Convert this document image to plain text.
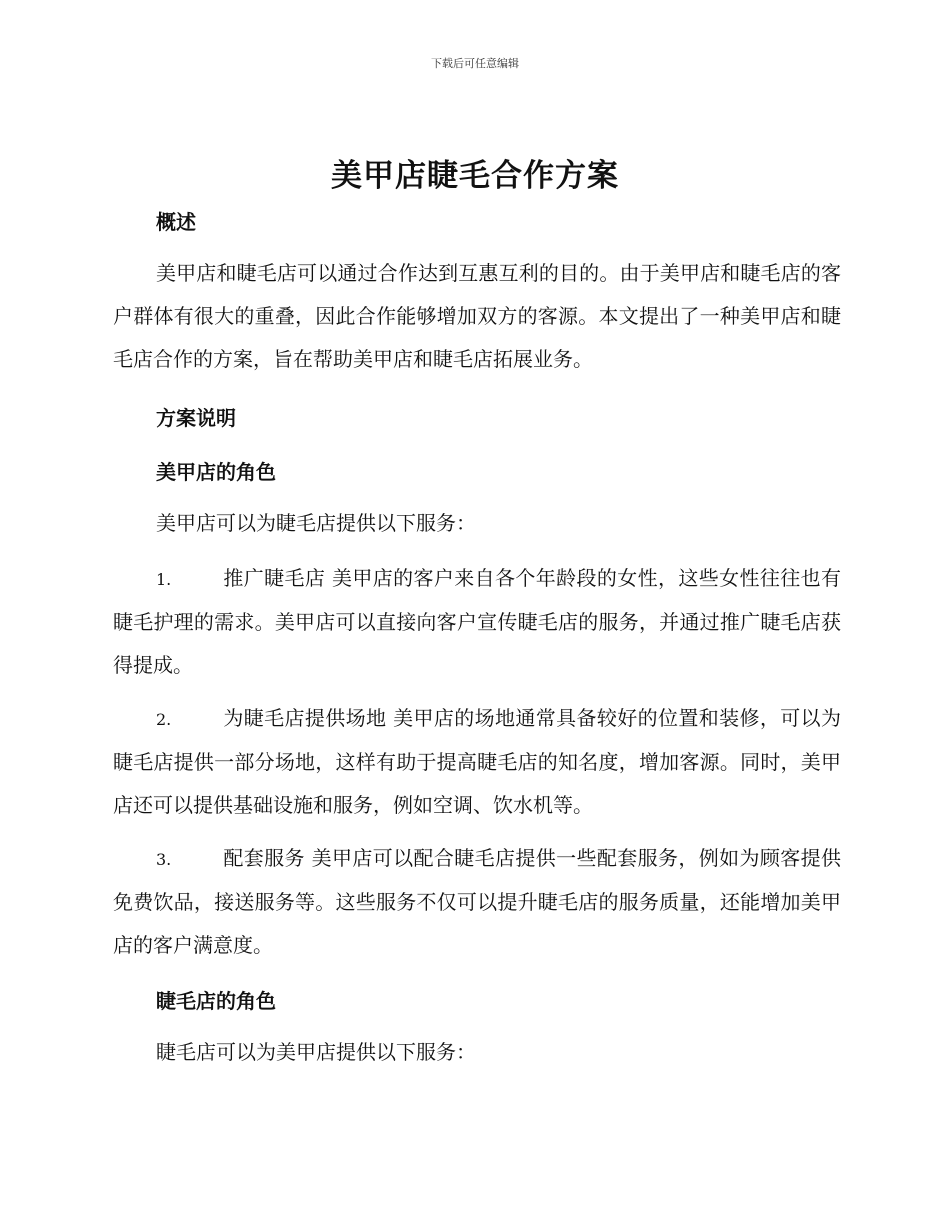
下载后可任意编辑
美甲店睫毛合作方案
概述
美甲店和睫毛店可以通过合作达到互惠互利的目的。由于美甲店和睫毛店的客户群体有很大的重叠，因此合作能够增加双方的客源。本文提出了一种美甲店和睫毛店合作的方案，旨在帮助美甲店和睫毛店拓展业务。
方案说明
美甲店的角色
美甲店可以为睫毛店提供以下服务：
1.	推广睫毛店 美甲店的客户来自各个年龄段的女性，这些女性往往也有睫毛护理的需求。美甲店可以直接向客户宣传睫毛店的服务，并通过推广睫毛店获得提成。
2.	为睫毛店提供场地 美甲店的场地通常具备较好的位置和装修，可以为睫毛店提供一部分场地，这样有助于提高睫毛店的知名度，增加客源。同时，美甲店还可以提供基础设施和服务，例如空调、饮水机等。
3.	配套服务 美甲店可以配合睫毛店提供一些配套服务，例如为顾客提供免费饮品，接送服务等。这些服务不仅可以提升睫毛店的服务质量，还能增加美甲店的客户满意度。
睫毛店的角色
睫毛店可以为美甲店提供以下服务：
